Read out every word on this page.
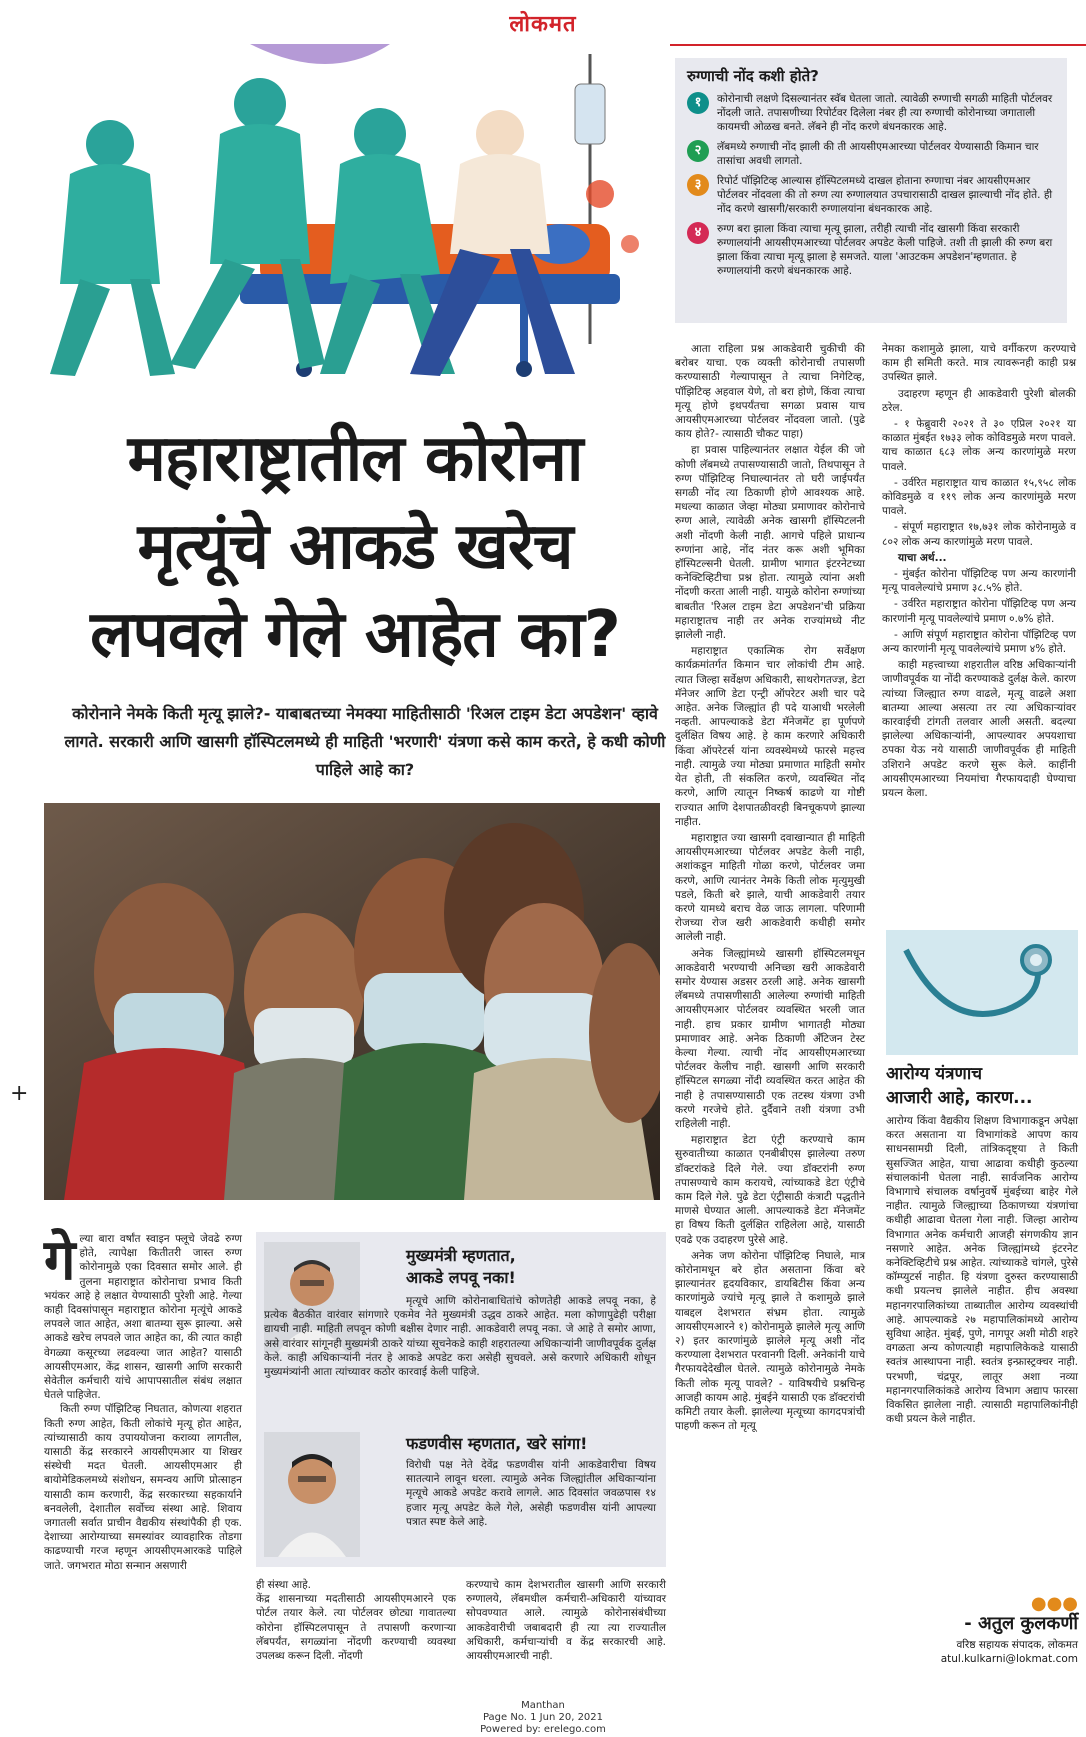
लोकमत
रुग्णाची नोंद कशी होते?
१	कोरोनाची लक्षणे दिसल्यानंतर स्वॅब घेतला जातो. त्यावेळी रुग्णाची सगळी माहिती पोर्टलवर नोंदली जाते. तपासणीच्या रिपोर्टवर दिलेला नंबर ही त्या रुग्णाची कोरोनाच्या जगाताली कायमची ओळख बनते. लॅबने ही नोंद करणे बंधनकारक आहे.
२	लॅबमध्ये रुग्णाची नोंद झाली की ती आयसीएमआरच्या पोर्टलवर येण्यासाठी किमान चार तासांचा अवधी लागतो.
३	रिपोर्ट पॉझिटिव्ह आल्यास हॉस्पिटलमध्ये दाखल होताना रुग्णाचा नंबर आयसीएमआर पोर्टलवर नोंदवला की तो रुग्ण त्या रुग्णालयात उपचारासाठी दाखल झाल्याची नोंद होते. ही नोंद करणे खासगी/सरकारी रुग्णालयांना बंधनकारक आहे.
४	रुग्ण बरा झाला किंवा त्याचा मृत्यू झाला, तरीही त्याची नोंद खासगी किंवा सरकारी रुग्णालयांनी आयसीएमआरच्या पोर्टलवर अपडेट केली पाहिजे. तशी ती झाली की रुग्ण बरा झाला किंवा त्याचा मृत्यू झाला हे समजते. याला 'आउटकम अपडेशन'म्हणतात. हे रुग्णालयांनी करणे बंधनकारक आहे.
महाराष्ट्रातील कोरोना
मृत्यूंचे आकडे खरेच
लपवले गेले आहेत का?
कोरोनाने नेमके किती मृत्यू झाले?- याबाबतच्या नेमक्या माहितीसाठी 'रिअल टाइम डेटा अपडेशन' व्हावे लागते. सरकारी आणि खासगी हॉस्पिटलमध्ये ही माहिती 'भरणारी' यंत्रणा कसे काम करते, हे कधी कोणी पाहिले आहे का?

आता राहिला प्रश्न आकडेवारी चुकीची की बरोबर याचा. एक व्यक्ती कोरोनाची तपासणी करण्यासाठी गेल्यापासून ते त्याचा निगेटिव्ह, पॉझिटिव्ह अहवाल येणे, तो बरा होणे, किंवा त्याचा मृत्यू होणे इथपर्यंतचा सगळा प्रवास याच आयसीएमआरच्या पोर्टलवर नोंदवला जातो. (पुढे काय होते?- त्यासाठी चौकट पाहा)

हा प्रवास पाहिल्यानंतर लक्षात येईल की जो कोणी लॅबमध्ये तपासण्यासाठी जातो, तिथपासून ते रुग्ण पॉझिटिव्ह निघाल्यानंतर तो घरी जाईपर्यंत सगळी नोंद त्या ठिकाणी होणे आवश्यक आहे. मधल्या काळात जेव्हा मोठ्या प्रमाणावर कोरोनाचे रुग्ण आले, त्यावेळी अनेक खासगी हॉस्पिटलनी अशी नोंदणी केली नाही. आगचे पहिले प्राधान्य रुग्णांना आहे, नोंद नंतर करू अशी भूमिका हॉस्पिटल्सनी घेतली. ग्रामीण भागात इंटरनेटच्या कनेक्टिव्हिटीचा प्रश्न होता. त्यामुळे त्यांना अशी नोंदणी करता आली नाही. यामुळे कोरोना रुग्णांच्या बाबतीत 'रिअल टाइम डेटा अपडेशन'ची प्रक्रिया महाराष्ट्रातच नाही तर अनेक राज्यांमध्ये नीट झालेली नाही.

महाराष्ट्रात एकात्मिक रोग सर्वेक्षण कार्यक्रमांतर्गत किमान चार लोकांची टीम आहे. त्यात जिल्हा सर्वेक्षण अधिकारी, साथरोगतज्ज्ञ, डेटा मॅनेजर आणि डेटा एन्ट्री ऑपरेटर अशी चार पदे आहेत. अनेक जिल्ह्यांत ही पदे याआधी भरलेली नव्हती. आपल्याकडे डेटा मॅनेजमेंट हा पूर्णपणे दुर्लक्षित विषय आहे. हे काम करणारे अधिकारी किंवा ऑपरेटर्स यांना व्यवस्थेमध्ये फारसे महत्त्व नाही. त्यामुळे ज्या मोठ्या प्रमाणात माहिती समोर येत होती, ती संकलित करणे, व्यवस्थित नोंद करणे, आणि त्यातून निष्कर्ष काढणे या गोष्टी राज्यात आणि देशपातळीवरही बिनचूकपणे झाल्या नाहीत.

महाराष्ट्रात ज्या खासगी दवाखान्यात ही माहिती आयसीएमआरच्या पोर्टलवर अपडेट केली नाही, अशांकडून माहिती गोळा करणे, पोर्टलवर जमा करणे, आणि त्यानंतर नेमके किती लोक मृत्युमुखी पडले, किती बरे झाले, याची आकडेवारी तयार करणे यामध्ये बराच वेळ जाऊ लागला. परिणामी रोजच्या रोज खरी आकडेवारी कधीही समोर आलेली नाही.

अनेक जिल्ह्यांमध्ये खासगी हॉस्पिटलमधून आकडेवारी भरण्याची अनिच्छा खरी आकडेवारी समोर येण्यास अडसर ठरली आहे. अनेक खासगी लॅबमध्ये तपासणीसाठी आलेल्या रुग्णांची माहिती आयसीएमआर पोर्टलवर व्यवस्थित भरली जात नाही. हाच प्रकार ग्रामीण भागातही मोठ्या प्रमाणावर आहे. अनेक ठिकाणी ॲंटिजन टेस्ट केल्या गेल्या. त्याची नोंद आयसीएमआरच्या पोर्टलवर केलीच नाही. खासगी आणि सरकारी हॉस्पिटल सगळ्या नोंदी व्यवस्थित करत आहेत की नाही हे तपासण्यासाठी एक तटस्थ यंत्रणा उभी करणे गरजेचे होते. दुर्दैवाने तशी यंत्रणा उभी राहिलेली नाही.

महाराष्ट्रात डेटा एंट्री करण्याचे काम सुरुवातीच्या काळात एनबीबीएस झालेल्या तरुण डॉक्टरांकडे दिले गेले. ज्या डॉक्टरांनी रुग्ण तपासण्याचे काम करायचे, त्यांच्याकडे डेटा एंट्रीचे काम दिले गेले. पुढे डेटा एंट्रीसाठी कंत्राटी पद्धतीने माणसे घेण्यात आली. आपल्याकडे डेटा मॅनेजमेंट हा विषय किती दुर्लक्षित राहिलेला आहे, यासाठी एवढे एक उदाहरण पुरेसे आहे.

अनेक जण कोरोना पॉझिटिव्ह निघाले, मात्र कोरोनामधून बरे होत असताना किंवा बरे झाल्यानंतर हृदयविकार, डायबिटीस किंवा अन्य कारणांमुळे ज्यांचे मृत्यू झाले ते कशामुळे झाले याबद्दल देशभरात संभ्रम होता. त्यामुळे आयसीएमआरने १) कोरोनामुळे झालेले मृत्यू आणि २) इतर कारणांमुळे झालेले मृत्यू अशी नोंद करण्याला देशभरात परवानगी दिली. अनेकांनी याचे गैरफायदेदेखील घेतले. त्यामुळे कोरोनामुळे नेमके किती लोक मृत्यू पावले? - याविषयीचे प्रश्नचिन्ह आजही कायम आहे. मुंबईने यासाठी एक डॉक्टरांची कमिटी तयार केली. झालेल्या मृत्यूच्या कागदपत्रांची पाहणी करून तो मृत्यू

नेमका कशामुळे झाला, याचे वर्गीकरण करण्याचे काम ही समिती करते. मात्र त्यावरूनही काही प्रश्न उपस्थित झाले.

उदाहरण म्हणून ही आकडेवारी पुरेशी बोलकी ठरेल.

- १ फेब्रुवारी २०२१ ते ३० एप्रिल २०२१ या काळात मुंबईत १७३३ लोक कोविडमुळे मरण पावले. याच काळात ६८३ लोक अन्य कारणांमुळे मरण पावले.

- उर्वरित महाराष्ट्रात याच काळात १५,९५८ लोक कोविडमुळे व ११९ लोक अन्य कारणांमुळे मरण पावले.

- संपूर्ण महाराष्ट्रात १७,७३१ लोक कोरोनामुळे व ८०२ लोक अन्य कारणांमुळे मरण पावले.

याचा अर्थ...

- मुंबईत कोरोना पॉझिटिव्ह पण अन्य कारणांनी मृत्यू पावलेल्यांचे प्रमाण ३८.५% होते.

- उर्वरित महाराष्ट्रात कोरोना पॉझिटिव्ह पण अन्य कारणांनी मृत्यू पावलेल्यांचे प्रमाण ०.७% होते.

- आणि संपूर्ण महाराष्ट्रात कोरोना पॉझिटिव्ह पण अन्य कारणांनी मृत्यू पावलेल्यांचे प्रमाण ४% होते.

काही महत्त्वाच्या शहरातील वरिष्ठ अधिकाऱ्यांनी जाणीवपूर्वक या नोंदी करण्याकडे दुर्लक्ष केले. कारण त्यांच्या जिल्ह्यात रुग्ण वाढले, मृत्यू वाढले अशा बातम्या आल्या असत्या तर त्या अधिकाऱ्यांवर कारवाईची टांगती तलवार आली असती. बदल्या झालेल्या अधिकाऱ्यांनी, आपल्यावर अपयशाचा ठपका येऊ नये यासाठी जाणीवपूर्वक ही माहिती उशिराने अपडेट करणे सुरू केले. काहींनी आयसीएमआरच्या नियमांचा गैरफायदाही घेण्याचा प्रयत्न केला.

आरोग्य यंत्रणाच
आजारी आहे, कारण...
आरोग्य किंवा वैद्यकीय शिक्षण विभागाकडून अपेक्षा करत असताना या विभागांकडे आपण काय साधनसामग्री दिली, तांत्रिकदृष्ट्या ते किती सुसज्जित आहेत, याचा आढावा कधीही कुठल्या संचालकांनी घेतला नाही. सार्वजनिक आरोग्य विभागाचे संचालक वर्षानुवर्षे मुंबईच्या बाहेर गेले नाहीत. त्यामुळे जिल्ह्याच्या ठिकाणच्या यंत्रणांचा कधीही आढावा घेतला गेला नाही. जिल्हा आरोग्य विभागात अनेक कर्मचारी आजही संगणकीय ज्ञान नसणारे आहेत. अनेक जिल्ह्यांमध्ये इंटरनेट कनेक्टिव्हिटीचे प्रश्न आहेत. त्यांच्याकडे चांगले, पुरेसे कॉम्प्युटर्स नाहीत. हि यंत्रणा दुरुस्त करण्यासाठी कधी प्रयत्नच झालेले नाहीत. हीच अवस्था महानगरपालिकांच्या ताब्यातील आरोग्य व्यवस्थांची आहे. आपल्याकडे २७ महापालिकांमध्ये आरोग्य सुविधा आहेत. मुंबई, पुणे, नागपूर अशी मोठी शहरे वगळता अन्य कोणत्याही महापालिकेकडे यासाठी स्वतंत्र आस्थापना नाही. स्वतंत्र इन्फ्रास्ट्रक्चर नाही. परभणी, चंद्रपूर, लातूर अशा नव्या महानगरपालिकांकडे आरोग्य विभाग अद्याप फारसा विकसित झालेला नाही. त्यासाठी महापालिकांनीही कधी प्रयत्न केले नाहीत.
गे ल्या बारा वर्षांत स्वाइन फ्लूचे जेवढे रुग्ण होते, त्यापेक्षा कितीतरी जास्त रुग्ण कोरोनामुळे एका दिवसात समोर आले. ही तुलना महाराष्ट्रात कोरोनाचा प्रभाव किती भयंकर आहे हे लक्षात येण्यासाठी पुरेशी आहे. गेल्या काही दिवसांपासून महाराष्ट्रात कोरोना मृत्यूंचे आकडे लपवले जात आहेत, अशा बातम्या सुरू झाल्या. असे आकडे खरेच लपवले जात आहेत का, की त्यात काही वेगळ्या कसूरच्या लढवल्या जात आहेत? यासाठी आयसीएमआर, केंद्र शासन, खासगी आणि सरकारी सेवेतील कर्मचारी यांचे आपापसातील संबंध लक्षात घेतले पाहिजेत.

किती रुग्ण पॉझिटिव्ह निघतात, कोणत्या शहरात किती रुग्ण आहेत, किती लोकांचे मृत्यू होत आहेत, त्यांच्यासाठी काय उपाययोजना कराव्या लागतील, यासाठी केंद्र सरकारने आयसीएमआर या शिखर संस्थेची मदत घेतली. आयसीएमआर ही बायोमेडिकलमध्ये संशोधन, समन्वय आणि प्रोत्साहन यासाठी काम करणारी, केंद्र सरकारच्या सहकार्याने बनवलेली, देशातील सर्वोच्च संस्था आहे. शिवाय जगातली सर्वात प्राचीन वैद्यकीय संस्थांपैकी ही एक. देशाच्या आरोग्याच्या समस्यांवर व्यावहारिक तोडगा काढण्याची गरज म्हणून आयसीएमआरकडे पाहिले जाते. जगभरात मोठा सन्मान असणारी

मुख्यमंत्री म्हणतात,
आकडे लपवू नका!
मृत्यूचे आणि कोरोनाबाधितांचे कोणतेही आकडे लपवू नका, हे प्रत्येक बैठकीत वारंवार सांगणारे एकमेव नेते मुख्यमंत्री उद्धव ठाकरे आहेत. मला कोणापुढेही परीक्षा द्यायची नाही. माहिती लपवून कोणी बक्षीस देणार नाही. आकडेवारी लपवू नका. जे आहे ते समोर आणा, असे वारंवार सांगूनही मुख्यमंत्री ठाकरे यांच्या सूचनेकडे काही शहरातल्या अधिकाऱ्यांनी जाणीवपूर्वक दुर्लक्ष केले. काही अधिकाऱ्यांनी नंतर हे आकडे अपडेट करा असेही सुचवले. असे करणारे अधिकारी शोधून मुख्यमंत्र्यांनी आता त्यांच्यावर कठोर कारवाई केली पाहिजे.
फडणवीस म्हणतात, खरे सांगा!
विरोधी पक्ष नेते देवेंद्र फडणवीस यांनी आकडेवारीचा विषय सातत्याने लावून धरला. त्यामुळे अनेक जिल्ह्यांतील अधिकाऱ्यांना मृत्यूचे आकडे अपडेट करावे लागले. आठ दिवसांत जवळपास १४ हजार मृत्यू अपडेट केले गेले, असेही फडणवीस यांनी आपल्या पत्रात स्पष्ट केले आहे.
ही संस्था आहे.
केंद्र शासनाच्या मदतीसाठी आयसीएमआरने एक पोर्टल तयार केले. त्या पोर्टलवर छोट्या गावातल्या कोरोना हॉस्पिटलपासून ते तपासणी करणाऱ्या लॅबपर्यंत, सगळ्यांना नोंदणी करण्याची व्यवस्था उपलब्ध करून दिली. नोंदणी
करण्याचे काम देशभरातील खासगी आणि सरकारी रुग्णालये, लॅबमधील कर्मचारी-अधिकारी यांच्यावर सोपवण्यात आले. त्यामुळे कोरोनासंबंधीच्या आकडेवारीची जबाबदारी ही त्या त्या राज्यातील अधिकारी, कर्मचाऱ्यांची व केंद्र सरकारची आहे. आयसीएमआरची नाही.
●●●
- अतुल कुलकर्णी
वरिष्ठ सहायक संपादक, लोकमत
atul.kulkarni@lokmat.com
+
Manthan
Page No. 1 Jun 20, 2021
Powered by: erelego.com
